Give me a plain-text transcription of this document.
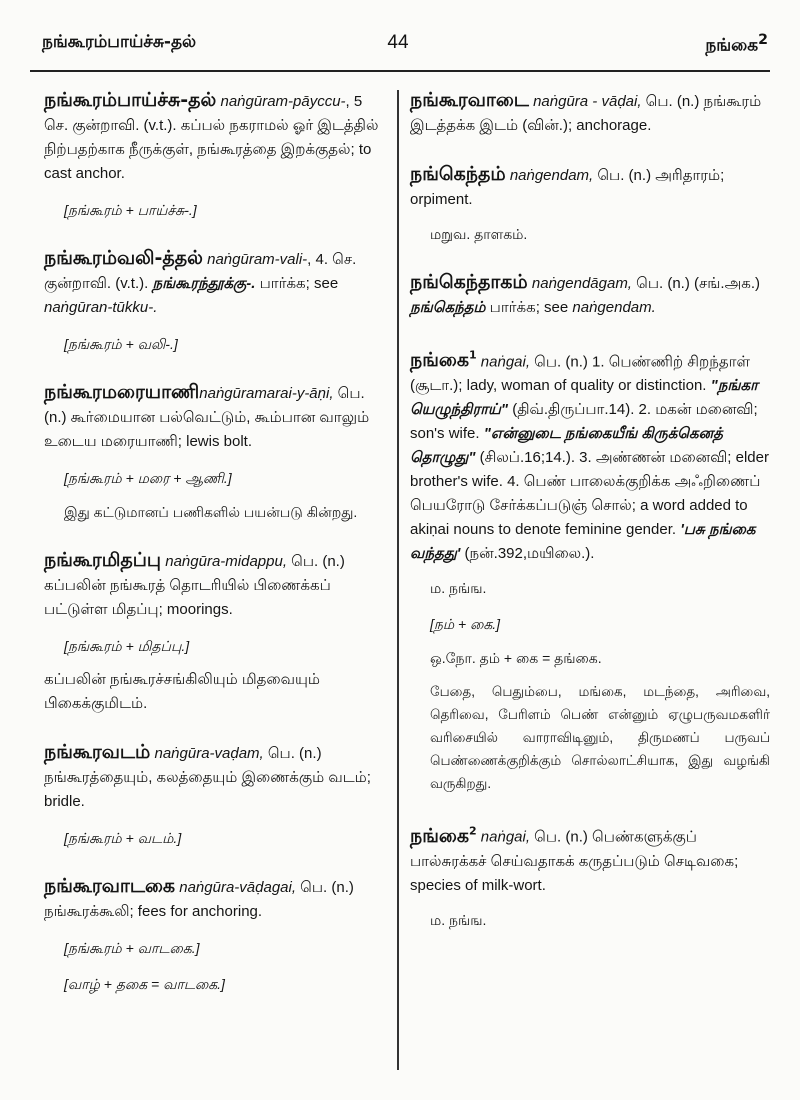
நங்கூரம்பாய்ச்சு-தல்	44	நங்கை$^2$

நங்கூரம்பாய்ச்சு-தல் naṅgūram-pāyccu-, 5 செ. குன்றாவி. (v.t.). கப்பல் நகராமல் ஓர் இடத்தில் நிற்பதற்காக நீருக்குள், நங்கூரத்தை இறக்குதல்; to cast anchor.

[நங்கூரம் + பாய்ச்சு-.]

நங்கூரம்வலி-த்தல் naṅgūram-vali-, 4. செ. குன்றாவி. (v.t.). நங்கூரந்தூக்கு-. பார்க்க; see naṅgūran-tūkku-.

[நங்கூரம் + வலி-.]

நங்கூரமரையாணிnaṅgūramarai-y-āṇi, பெ. (n.) கூர்மையான பல்வெட்டும், கூம்பான வாலும் உடைய மரையாணி; lewis bolt.

[நங்கூரம் + மரை + ஆணி.]

இது கட்டுமானப் பணிகளில் பயன்படு கின்றது.

நங்கூரமிதப்பு naṅgūra-midappu, பெ. (n.) கப்பலின் நங்கூரத் தொடரியில் பிணைக்கப் பட்டுள்ள மிதப்பு; moorings.

[நங்கூரம் + மிதப்பு.]

கப்பலின் நங்கூரச்சங்கிலியும் மிதவையும் பிகைக்குமிடம்.

நங்கூரவடம் naṅgūra-vaḍam, பெ. (n.) நங்கூரத்தையும், கலத்தையும் இணைக்கும் வடம்; bridle.

[நங்கூரம் + வடம்.]

நங்கூரவாடகை naṅgūra-vāḍagai, பெ. (n.) நங்கூரக்கூலி; fees for anchoring.

[நங்கூரம் + வாடகை.]

[வாழ் + தகை = வாடகை.]

நங்கூரவாடை naṅgūra - vāḍai, பெ. (n.) நங்கூரம் இடத்தக்க இடம் (வின்.); anchorage.

நங்கெந்தம் naṅgendam, பெ. (n.) அரிதாரம்; orpiment.

மறுவ. தாளகம்.

நங்கெந்தாகம் naṅgendāgam, பெ. (n.) (சங்.அக.) நங்கெந்தம் பார்க்க; see naṅgendam.

நங்கை$^1$ naṅgai, பெ. (n.) 1. பெண்ணிற் சிறந்தாள் (சூடா.); lady, woman of quality or distinction. "நங்கா யெழுந்திராய்" (திவ்.திருப்பா.14). 2. மகன் மனைவி; son's wife. "என்னுடை நங்கையீங் கிருக்கெனத் தொழுது" (சிலப்.16;14.). 3. அண்ணன் மனைவி; elder brother's wife. 4. பெண் பாலைக்குறிக்க அஃறிணைப் பெயரோடு சேர்க்கப்படுஞ் சொல்; a word added to akiṇai nouns to denote feminine gender. 'பசு நங்கை வந்தது' (நன்.392,மயிலை.).

ம. நங்ங.

[நம் + கை.]

ஒ.நோ. தம் + கை = தங்கை.

பேதை, பெதும்பை, மங்கை, மடந்தை, அரிவை, தெரிவை, பேரிளம் பெண் என்னும் ஏழுபருவமகளிர் வரிசையில் வாராவிடினும், திருமணப் பருவப் பெண்ணைக்குறிக்கும் சொல்லாட்சியாக, இது வழங்கி வருகிறது.

நங்கை$^2$ naṅgai, பெ. (n.) பெண்களுக்குப் பால்சுரக்கச் செய்வதாகக் கருதப்படும் செடிவகை; species of milk-wort.

ம. நங்ங.
